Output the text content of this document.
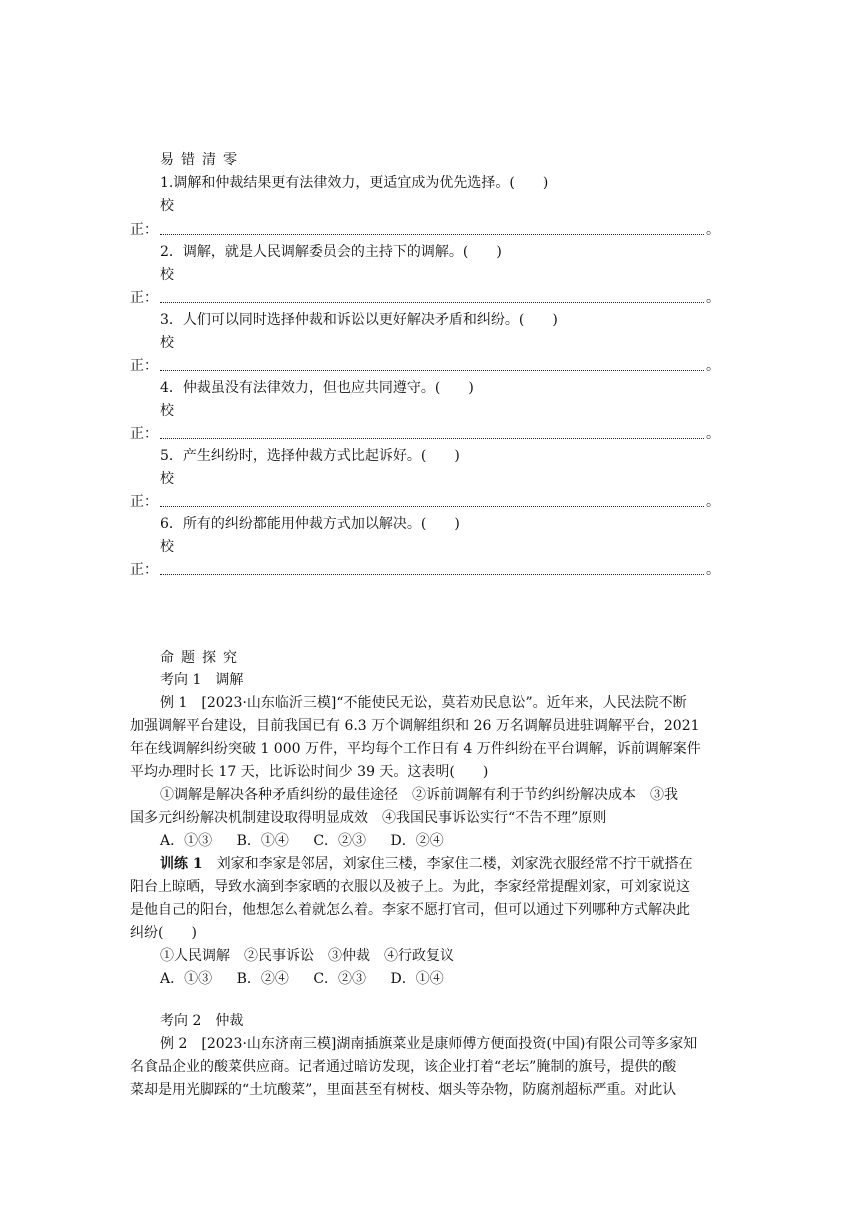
易错清零
1.调解和仲裁结果更有法律效力，更适宜成为优先选择。(　　)
校
正：	。
2．调解，就是人民调解委员会的主持下的调解。(　　)
校
正：	。
3．人们可以同时选择仲裁和诉讼以更好解决矛盾和纠纷。(　　)
校
正：	。
4．仲裁虽没有法律效力，但也应共同遵守。(　　)
校
正：	。
5．产生纠纷时，选择仲裁方式比起诉好。(　　)
校
正：	。
6．所有的纠纷都能用仲裁方式加以解决。(　　)
校
正：	。
命题探究
考向 1　调解
例 1　[2023·山东临沂三模]“不能使民无讼，莫若劝民息讼”。近年来，人民法院不断
加强调解平台建设，目前我国已有 6.3 万个调解组织和 26 万名调解员进驻调解平台，2021
年在线调解纠纷突破 1 000 万件，平均每个工作日有 4 万件纠纷在平台调解，诉前调解案件
平均办理时长 17 天，比诉讼时间少 39 天。这表明(　　)
①调解是解决各种矛盾纠纷的最佳途径　②诉前调解有利于节约纠纷解决成本　③我
国多元纠纷解决机制建设取得明显成效　④我国民事诉讼实行“不告不理”原则
A．①③ B．①④ C．②③ D．②④
训练 1　刘家和李家是邻居，刘家住三楼，李家住二楼，刘家洗衣服经常不拧干就搭在
阳台上晾晒，导致水滴到李家晒的衣服以及被子上。为此，李家经常提醒刘家，可刘家说这
是他自己的阳台，他想怎么着就怎么着。李家不愿打官司，但可以通过下列哪种方式解决此
纠纷(　　)
①人民调解　②民事诉讼　③仲裁　④行政复议
A．①③ B．②④ C．②③ D．①④
考向 2　仲裁
例 2　[2023·山东济南三模]湖南插旗菜业是康师傅方便面投资(中国)有限公司等多家知
名食品企业的酸菜供应商。记者通过暗访发现，该企业打着“老坛”腌制的旗号，提供的酸
菜却是用光脚踩的“土坑酸菜”，里面甚至有树枝、烟头等杂物，防腐剂超标严重。对此认
